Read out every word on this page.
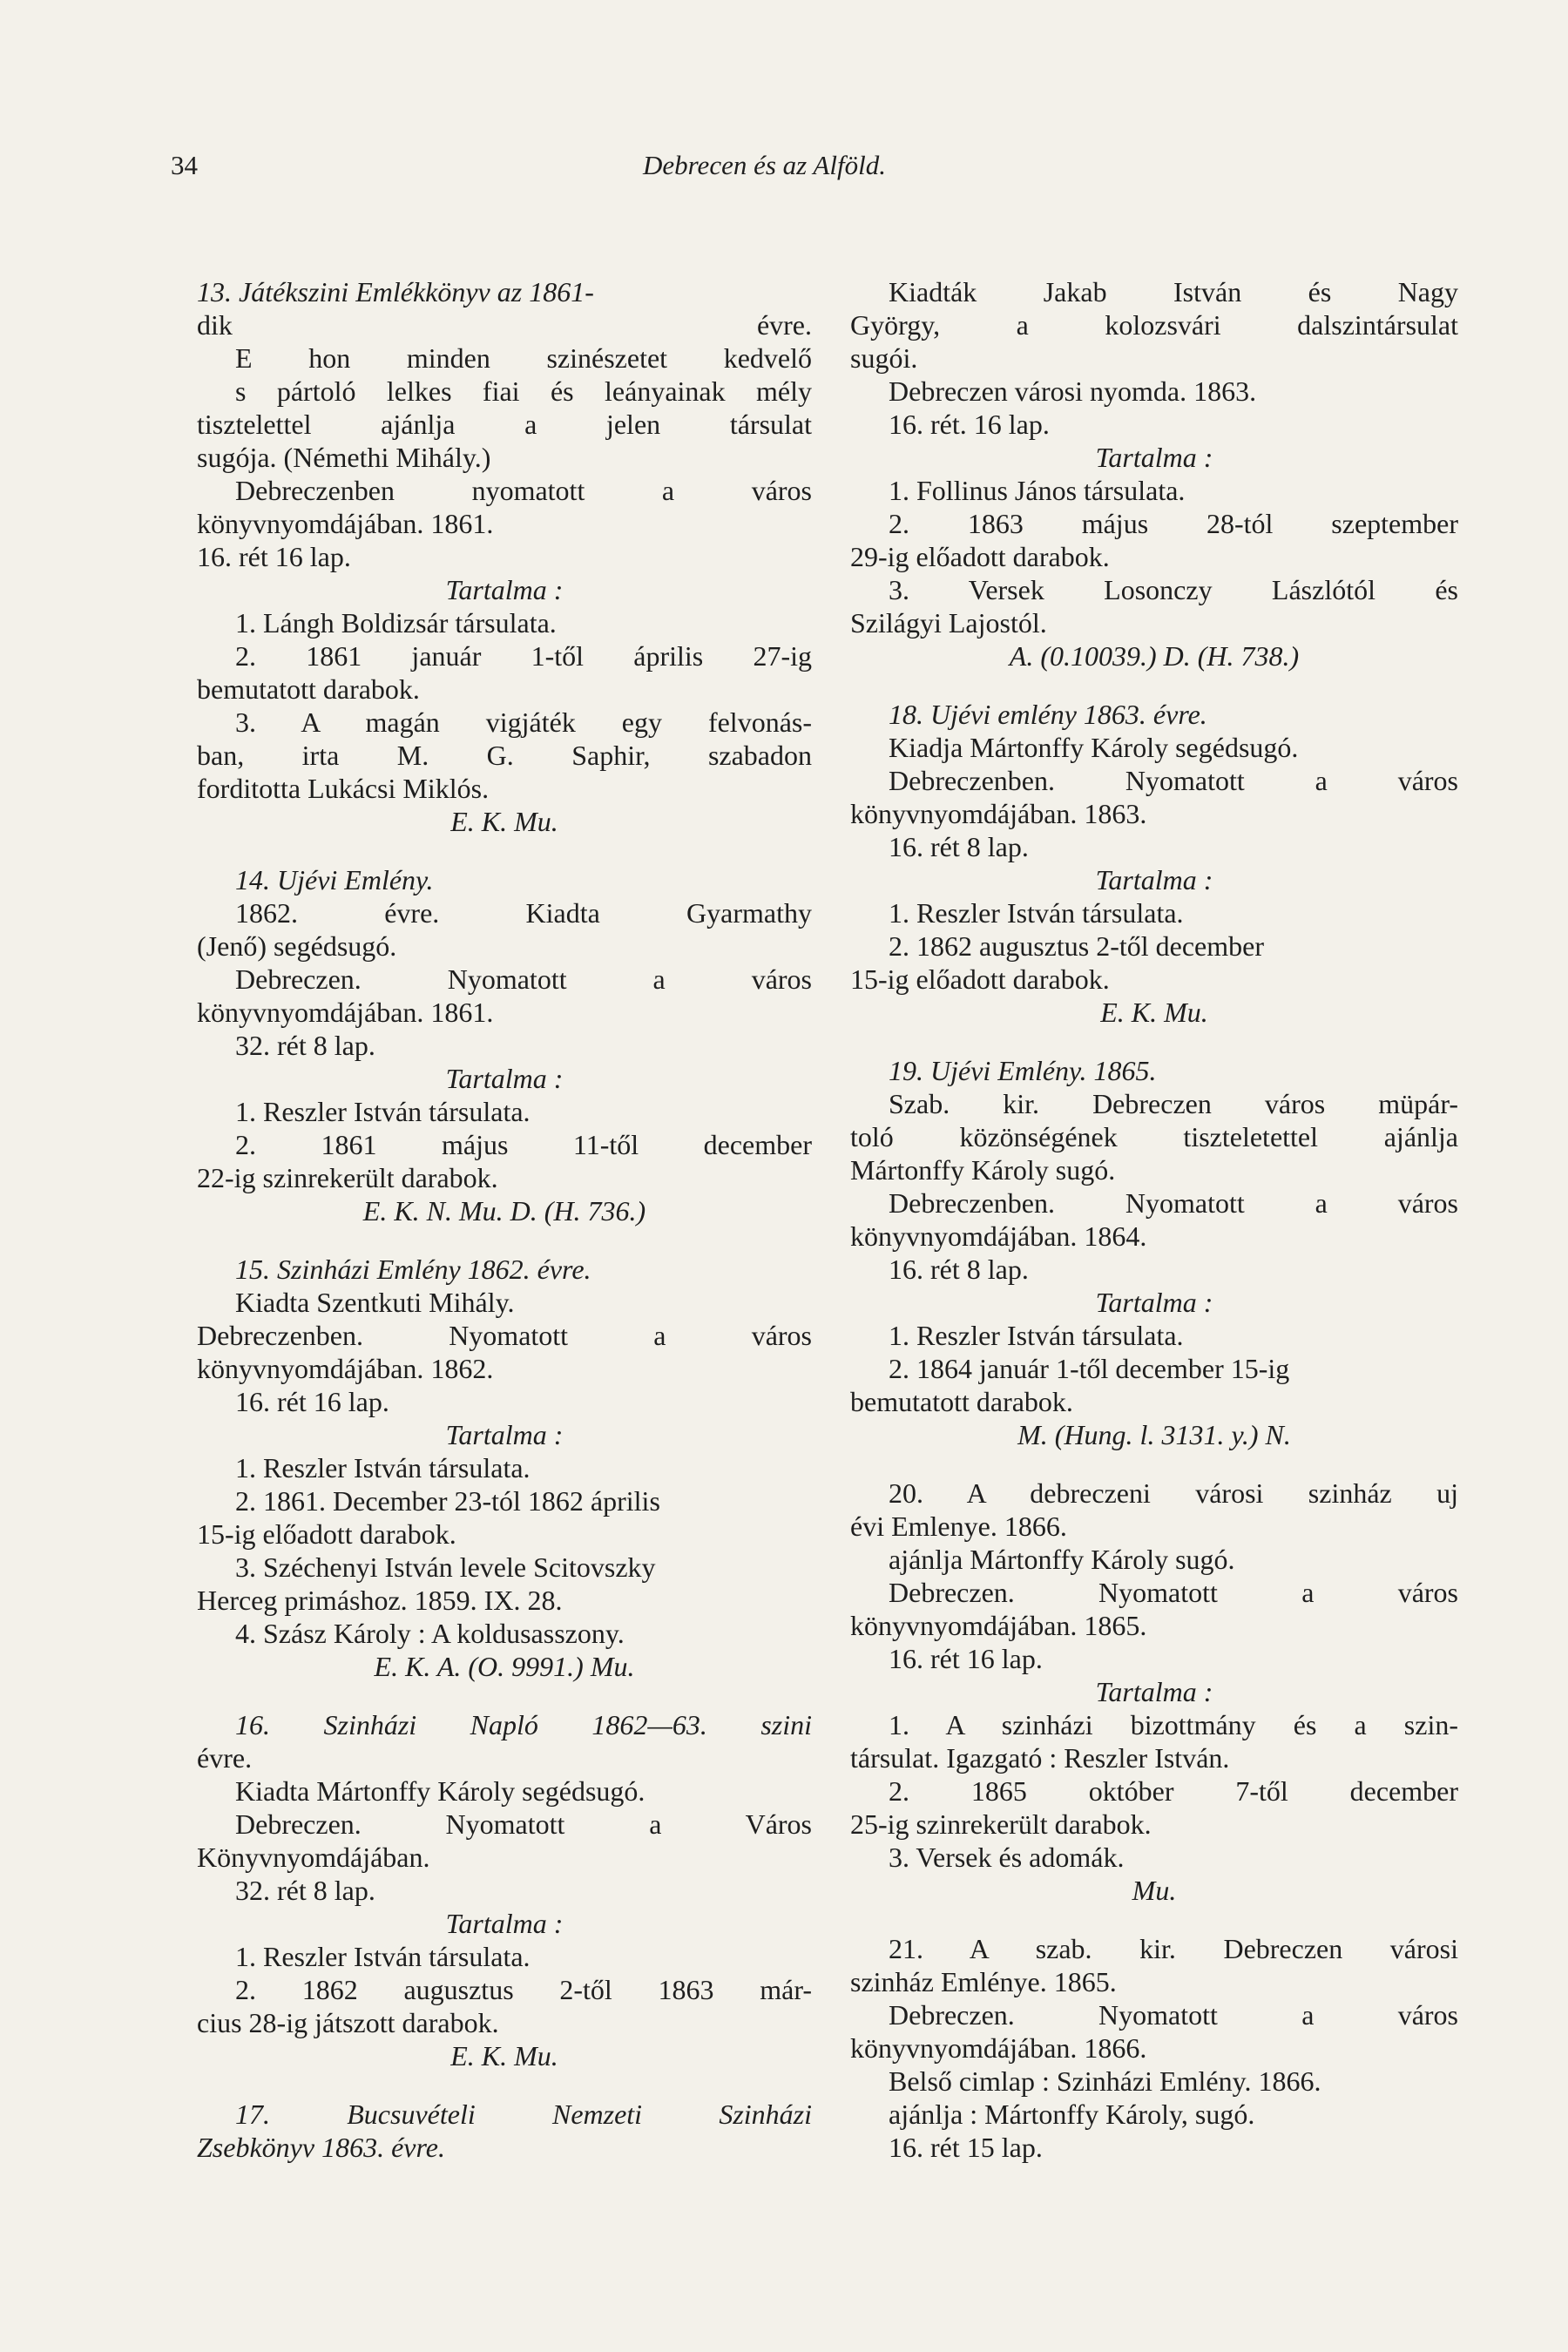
34	Debrecen és az Alföld.
13. Játékszini Emlékkönyv az 1861-
dik évre.
E hon minden szinészetet kedvelő
s pártoló lelkes fiai és leányainak mély
tisztelettel ajánlja a jelen társulat
sugója. (Némethi Mihály.)
Debreczenben nyomatott a város
könyvnyomdájában. 1861.
16. rét 16 lap.
Tartalma :
1. Lángh Boldizsár társulata.
2. 1861 január 1-től április 27-ig
bemutatott darabok.
3. A magán vigjáték egy felvonás-
ban, irta M. G. Saphir, szabadon
forditotta Lukácsi Miklós.
E. K. Mu.
14. Ujévi Emlény.
1862. évre. Kiadta Gyarmathy
(Jenő) segédsugó.
Debreczen. Nyomatott a város
könyvnyomdájában. 1861.
32. rét 8 lap.
Tartalma :
1. Reszler István társulata.
2. 1861 május 11-től december
22-ig szinrekerült darabok.
E. K. N. Mu. D. (H. 736.)
15. Szinházi Emlény 1862. évre.
Kiadta Szentkuti Mihály.
Debreczenben. Nyomatott a város
könyvnyomdájában. 1862.
16. rét 16 lap.
Tartalma :
1. Reszler István társulata.
2. 1861. December 23-tól 1862 április
15-ig előadott darabok.
3. Széchenyi István levele Scitovszky
Herceg primáshoz. 1859. IX. 28.
4. Szász Károly : A koldusasszony.
E. K. A. (O. 9991.) Mu.
16. Szinházi Napló 1862—63. szini
évre.
Kiadta Mártonffy Károly segédsugó.
Debreczen. Nyomatott a Város
Könyvnyomdájában.
32. rét 8 lap.
Tartalma :
1. Reszler István társulata.
2. 1862 augusztus 2-től 1863 már-
cius 28-ig játszott darabok.
E. K. Mu.
17. Bucsuvételi Nemzeti Szinházi
Zsebkönyv 1863. évre.
Kiadták Jakab István és Nagy
György, a kolozsvári dalszintársulat
sugói.
Debreczen városi nyomda. 1863.
16. rét. 16 lap.
Tartalma :
1. Follinus János társulata.
2. 1863 május 28-tól szeptember
29-ig előadott darabok.
3. Versek Losonczy Lászlótól és
Szilágyi Lajostól.
A. (0.10039.) D. (H. 738.)
18. Ujévi emlény 1863. évre.
Kiadja Mártonffy Károly segédsugó.
Debreczenben. Nyomatott a város
könyvnyomdájában. 1863.
16. rét 8 lap.
Tartalma :
1. Reszler István társulata.
2. 1862 augusztus 2-től december
15-ig előadott darabok.
E. K. Mu.
19. Ujévi Emlény. 1865.
Szab. kir. Debreczen város müpár-
toló közönségének tiszteletettel ajánlja
Mártonffy Károly sugó.
Debreczenben. Nyomatott a város
könyvnyomdájában. 1864.
16. rét 8 lap.
Tartalma :
1. Reszler István társulata.
2. 1864 január 1-től december 15-ig
bemutatott darabok.
M. (Hung. l. 3131. y.) N.
20. A debreczeni városi szinház uj
évi Emlenye. 1866.
ajánlja Mártonffy Károly sugó.
Debreczen. Nyomatott a város
könyvnyomdájában. 1865.
16. rét 16 lap.
Tartalma :
1. A szinházi bizottmány és a szin-
társulat. Igazgató : Reszler István.
2. 1865 október 7-től december
25-ig szinrekerült darabok.
3. Versek és adomák.
Mu.
21. A szab. kir. Debreczen városi
szinház Emlénye. 1865.
Debreczen. Nyomatott a város
könyvnyomdájában. 1866.
Belső cimlap : Szinházi Emlény. 1866.
ajánlja : Mártonffy Károly, sugó.
16. rét 15 lap.
